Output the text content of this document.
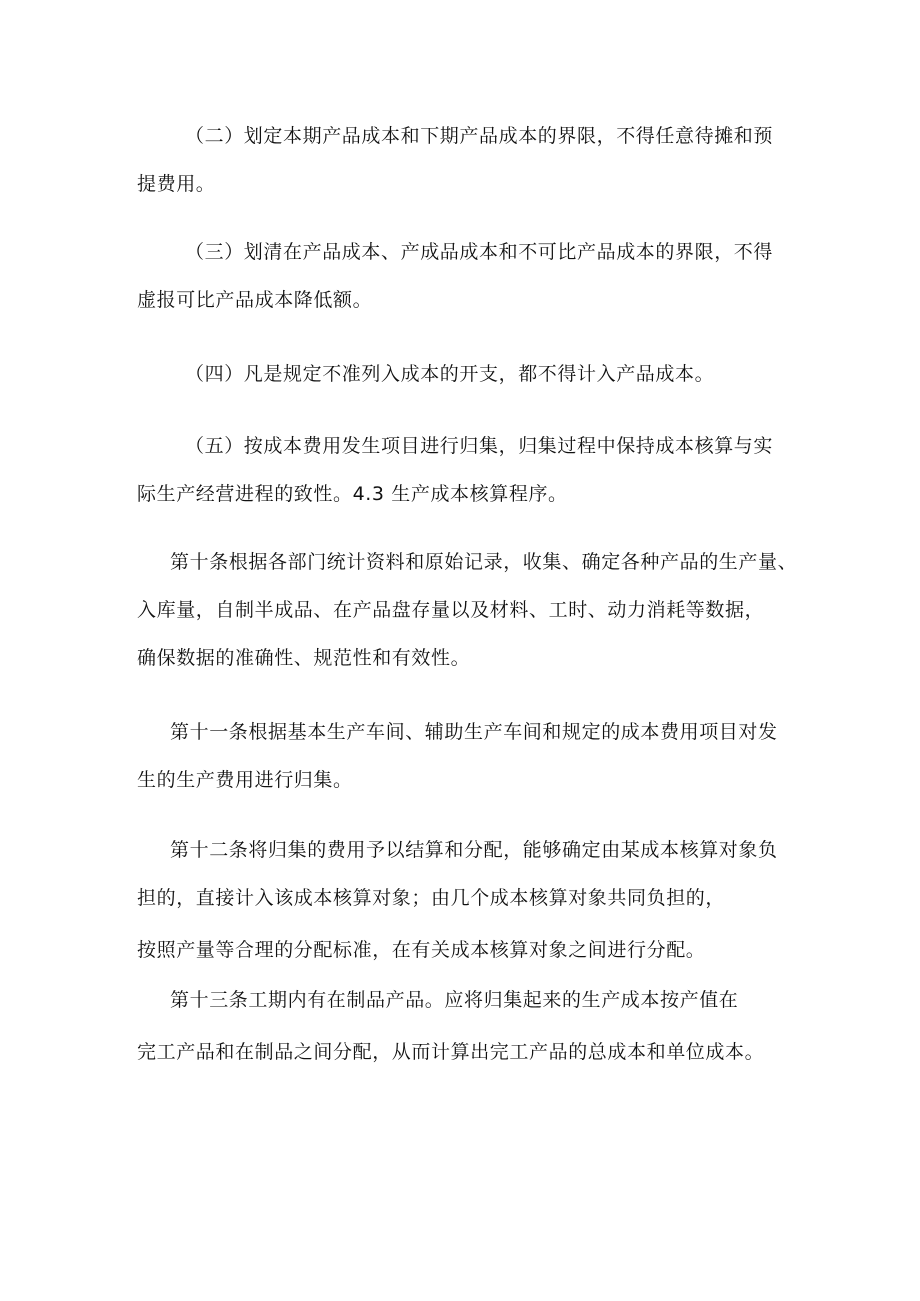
（二）划定本期产品成本和下期产品成本的界限，不得任意待摊和预
提费用。
（三）划清在产品成本、产成品成本和不可比产品成本的界限，不得
虚报可比产品成本降低额。
（四）凡是规定不准列入成本的开支，都不得计入产品成本。
（五）按成本费用发生项目进行归集，归集过程中保持成本核算与实
际生产经营进程的致性。4.3 生产成本核算程序。
第十条根据各部门统计资料和原始记录，收集、确定各种产品的生产量、
入库量，自制半成品、在产品盘存量以及材料、工时、动力消耗等数据，
确保数据的准确性、规范性和有效性。
第十一条根据基本生产车间、辅助生产车间和规定的成本费用项目对发
生的生产费用进行归集。
第十二条将归集的费用予以结算和分配，能够确定由某成本核算对象负
担的，直接计入该成本核算对象；由几个成本核算对象共同负担的，
按照产量等合理的分配标准，在有关成本核算对象之间进行分配。
第十三条工期内有在制品产品。应将归集起来的生产成本按产值在
完工产品和在制品之间分配，从而计算出完工产品的总成本和单位成本。
